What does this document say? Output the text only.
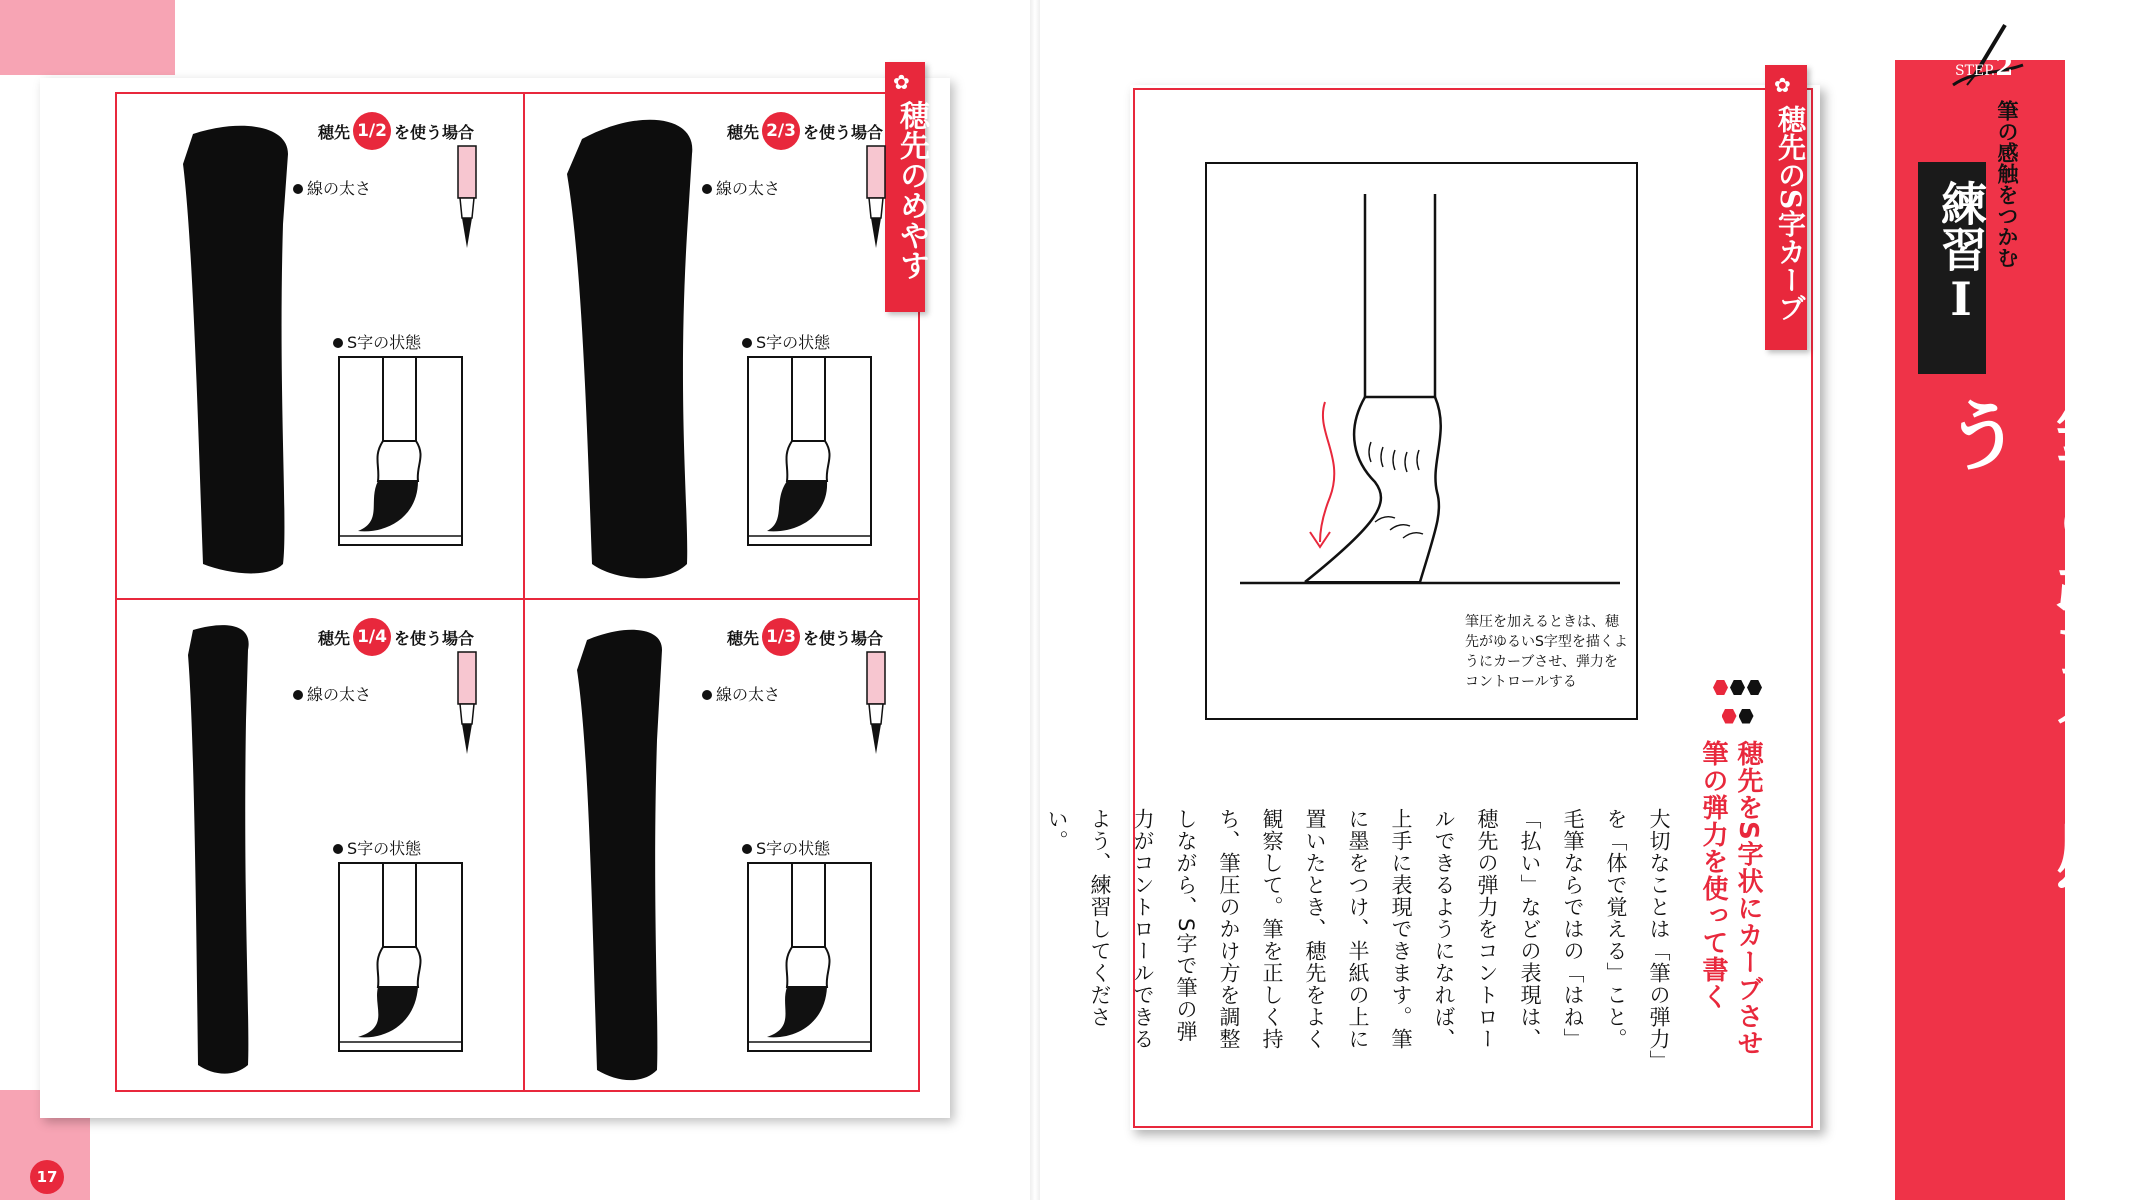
✿
穂先のめやす
穂先 1/2 を使う場合
線の太さ
S字の状態
穂先 2/3 を使う場合
線の太さ
S字の状態
穂先 1/4 を使う場合
線の太さ
S字の状態
穂先 1/3 を使う場合
線の太さ
S字の状態
17
✿
穂先のS字カーブ
筆圧を加えるときは、穂先がゆるいS字型を描くようにカーブさせ、弾力をコントロールする
穂先をS字状にカーブさせ
筆の弾力を使って書く
大切なことは「筆の弾力」を「体で覚える」こと。毛筆ならではの「はね」「払い」などの表現は、穂先の弾力をコントロールできるようになれば、上手に表現できます。筆に墨をつけ、半紙の上に置いたとき、穂先をよく観察して。筆を正しく持ち、筆圧のかけ方を調整しながら、S字で筆の弾力がコントロールできるよう、練習してください。
STEP.2
筆の感触をつかむ
練習Ⅰ
筆の弾力を感じよう
